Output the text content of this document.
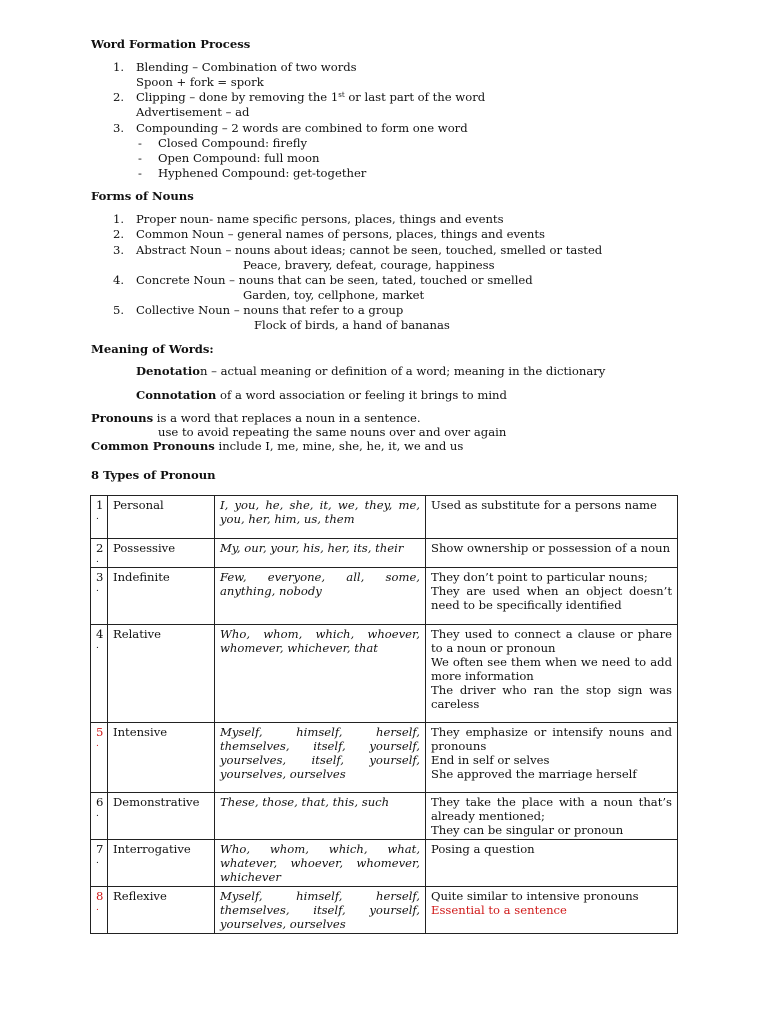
Word Formation Process
1. Blending – Combination of two words
Spoon + fork = spork
2. Clipping – done by removing the 1st or last part of the word
Advertisement – ad
3. Compounding – 2 words are combined to form one word
- Closed Compound: firefly
- Open Compound: full moon
- Hyphened Compound: get-together
Forms of Nouns
1. Proper noun- name specific persons, places, things and events
2. Common Noun – general names of persons, places, things and events
3. Abstract Noun – nouns about ideas; cannot be seen, touched, smelled or tasted
Peace, bravery, defeat, courage, happiness
4. Concrete Noun – nouns that can be seen, tated, touched or smelled
Garden, toy, cellphone, market
5. Collective Noun – nouns that refer to a group
Flock of birds, a hand of bananas
Meaning of Words:
Denotation – actual meaning or definition of a word; meaning in the dictionary
Connotation of a word association or feeling it brings to mind
Pronouns is a word that replaces a noun in a sentence.
use to avoid repeating the same nouns over and over again
Common Pronouns include I, me, mine, she, he, it, we and us
8 Types of Pronoun
1
.	Personal	I, you, he, she, it, we, they, me, you, her, him, us, them	Used as substitute for a persons name

2
.	Possessive	My, our, your, his, her, its, their	Show ownership or possession of a noun

3
.	Indefinite	Few, everyone, all, some, anything, nobody	They don’t point to particular nouns;
They are used when an object doesn’t need to be specifically identified

4
.	Relative	Who, whom, which, whoever, whomever, whichever, that	They used to connect a clause or phare to a noun or pronoun
We often see them when we need to add more information
The driver who ran the stop sign was careless

5
.	Intensive	Myself, himself, herself, themselves, itself, yourself, yourselves, itself, yourself, yourselves, ourselves	They emphasize or intensify nouns and pronouns
End in self or selves
She approved the marriage herself

6
.	Demonstrative	These, those, that, this, such	They take the place with a noun that’s already mentioned;
They can be singular or pronoun

7
.	Interrogative	Who, whom, which, what, whatever, whoever, whomever, whichever	Posing a question

8
.	Reflexive	Myself, himself, herself, themselves, itself, yourself, yourselves, ourselves	Quite similar to intensive pronouns
Essential to a sentence
